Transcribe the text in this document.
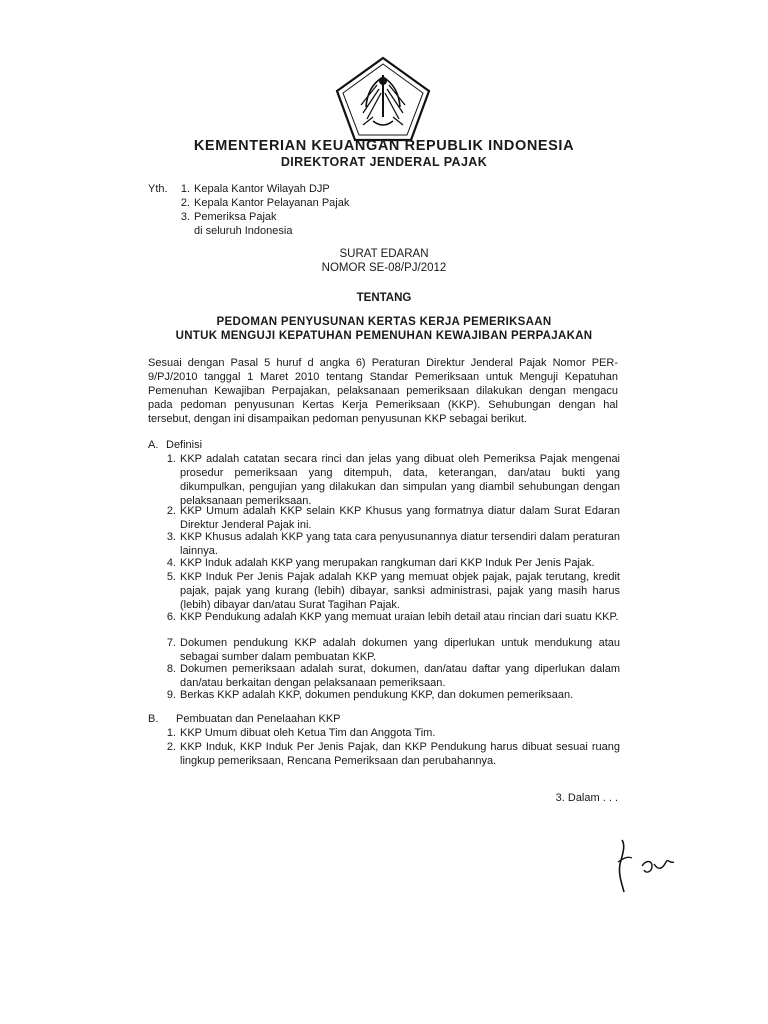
KEMENTERIAN KEUANGAN REPUBLIK INDONESIA
DIREKTORAT JENDERAL PAJAK
Yth.	1. Kepala Kantor Wilayah DJP
2. Kepala Kantor Pelayanan Pajak
3. Pemeriksa Pajak
di seluruh Indonesia
SURAT EDARAN
NOMOR SE-08/PJ/2012
TENTANG
PEDOMAN PENYUSUNAN KERTAS KERJA PEMERIKSAAN
UNTUK MENGUJI KEPATUHAN PEMENUHAN KEWAJIBAN PERPAJAKAN
Sesuai dengan Pasal 5 huruf d angka 6) Peraturan Direktur Jenderal Pajak Nomor PER-9/PJ/2010 tanggal 1 Maret 2010 tentang Standar Pemeriksaan untuk Menguji Kepatuhan Pemenuhan Kewajiban Perpajakan, pelaksanaan pemeriksaan dilakukan dengan mengacu pada pedoman penyusunan Kertas Kerja Pemeriksaan (KKP). Sehubungan dengan hal tersebut, dengan ini disampaikan pedoman penyusunan KKP sebagai berikut.
A. Definisi
1. KKP adalah catatan secara rinci dan jelas yang dibuat oleh Pemeriksa Pajak mengenai prosedur pemeriksaan yang ditempuh, data, keterangan, dan/atau bukti yang dikumpulkan, pengujian yang dilakukan dan simpulan yang diambil sehubungan dengan pelaksanaan pemeriksaan.
2. KKP Umum adalah KKP selain KKP Khusus yang formatnya diatur dalam Surat Edaran Direktur Jenderal Pajak ini.
3. KKP Khusus adalah KKP yang tata cara penyusunannya diatur tersendiri dalam peraturan lainnya.
4. KKP Induk adalah KKP yang merupakan rangkuman dari KKP Induk Per Jenis Pajak.
5. KKP Induk Per Jenis Pajak adalah KKP yang memuat objek pajak, pajak terutang, kredit pajak, pajak yang kurang (lebih) dibayar, sanksi administrasi, pajak yang masih harus (lebih) dibayar dan/atau Surat Tagihan Pajak.
6. KKP Pendukung adalah KKP yang memuat uraian lebih detail atau rincian dari suatu KKP.
7. Dokumen pendukung KKP adalah dokumen yang diperlukan untuk mendukung atau sebagai sumber dalam pembuatan KKP.
8. Dokumen pemeriksaan adalah surat, dokumen, dan/atau daftar yang diperlukan dalam dan/atau berkaitan dengan pelaksanaan pemeriksaan.
9. Berkas KKP adalah KKP, dokumen pendukung KKP, dan dokumen pemeriksaan.
B. Pembuatan dan Penelaahan KKP
1. KKP Umum dibuat oleh Ketua Tim dan Anggota Tim.
2. KKP Induk, KKP Induk Per Jenis Pajak, dan KKP Pendukung harus dibuat sesuai ruang lingkup pemeriksaan, Rencana Pemeriksaan dan perubahannya.
3. Dalam . . .
